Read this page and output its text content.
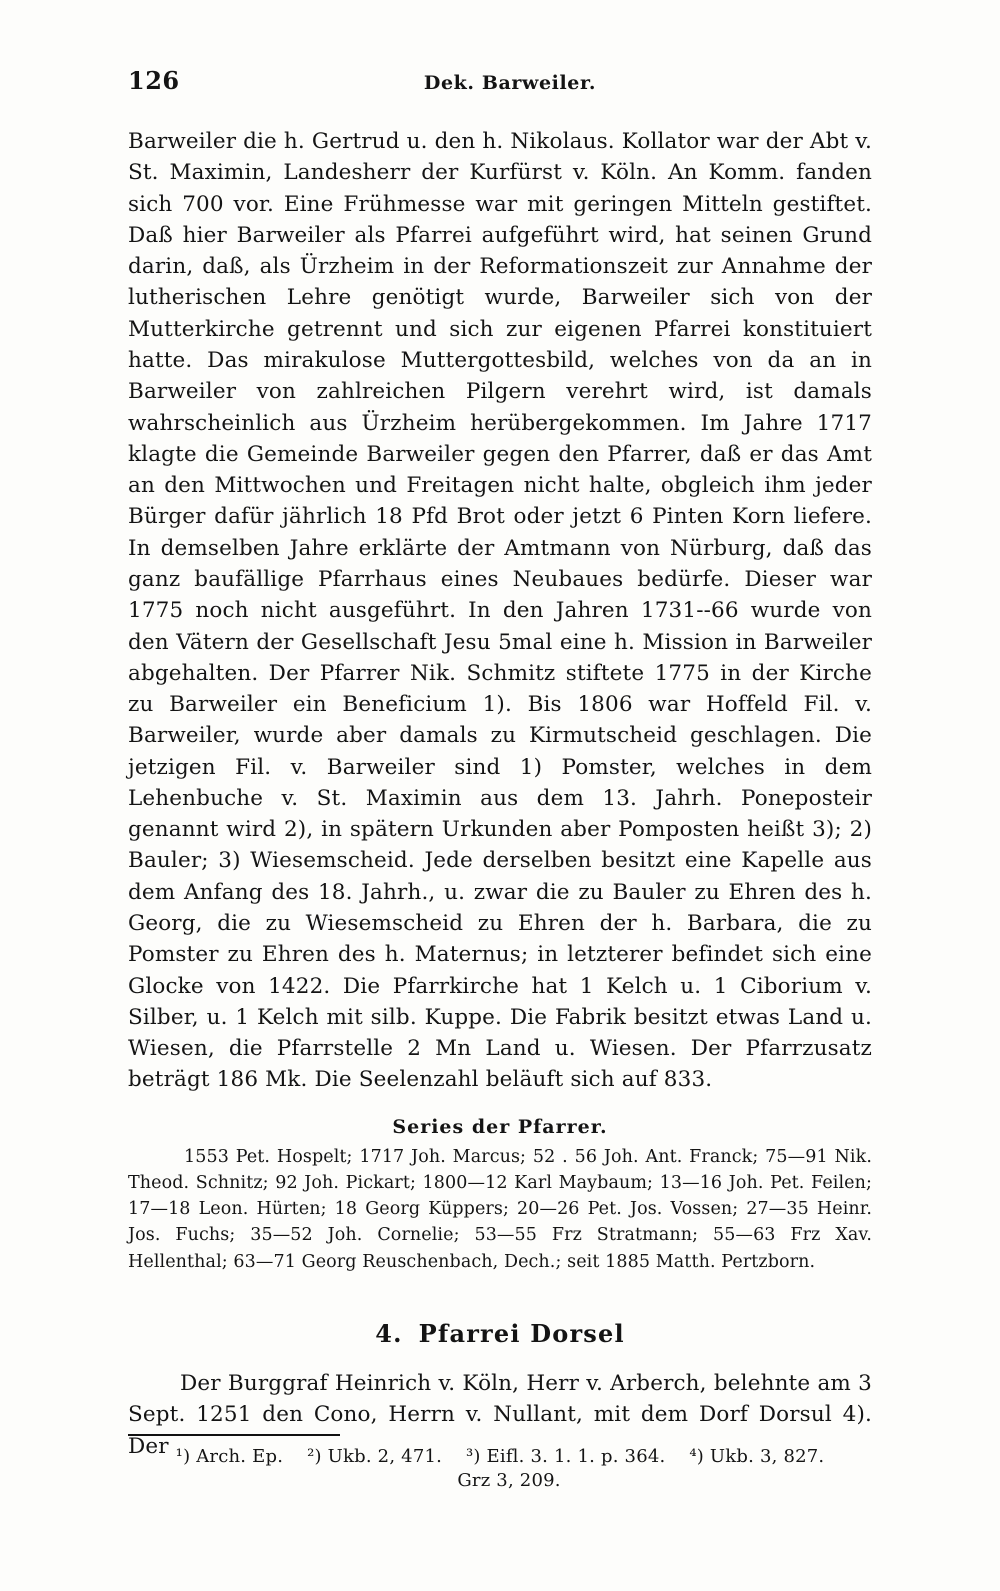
126	Dek. Barweiler.

Barweiler die h. Gertrud u. den h. Nikolaus. Kollator war der Abt v. St. Maximin, Landesherr der Kurfürst v. Köln. An Komm. fanden sich 700 vor. Eine Frühmesse war mit geringen Mitteln gestiftet. Daß hier Barweiler als Pfarrei aufgeführt wird, hat seinen Grund darin, daß, als Ürzheim in der Reformationszeit zur Annahme der lutherischen Lehre genötigt wurde, Barweiler sich von der Mutterkirche getrennt und sich zur eigenen Pfarrei konstituiert hatte. Das mirakulose Muttergottesbild, welches von da an in Barweiler von zahlreichen Pilgern verehrt wird, ist damals wahrscheinlich aus Ürzheim herübergekommen. Im Jahre 1717 klagte die Gemeinde Barweiler gegen den Pfarrer, daß er das Amt an den Mittwochen und Freitagen nicht halte, obgleich ihm jeder Bürger dafür jährlich 18 Pfd Brot oder jetzt 6 Pinten Korn liefere. In demselben Jahre erklärte der Amtmann von Nürburg, daß das ganz baufällige Pfarrhaus eines Neubaues bedürfe. Dieser war 1775 noch nicht ausgeführt. In den Jahren 1731--66 wurde von den Vätern der Gesellschaft Jesu 5mal eine h. Mission in Barweiler abgehalten. Der Pfarrer Nik. Schmitz stiftete 1775 in der Kirche zu Barweiler ein Beneficium 1). Bis 1806 war Hoffeld Fil. v. Barweiler, wurde aber damals zu Kirmutscheid geschlagen. Die jetzigen Fil. v. Barweiler sind 1) Pomster, welches in dem Lehenbuche v. St. Maximin aus dem 13. Jahrh. Poneposteir genannt wird 2), in spätern Urkunden aber Pomposten heißt 3); 2) Bauler; 3) Wiesemscheid. Jede derselben besitzt eine Kapelle aus dem Anfang des 18. Jahrh., u. zwar die zu Bauler zu Ehren des h. Georg, die zu Wiesemscheid zu Ehren der h. Barbara, die zu Pomster zu Ehren des h. Maternus; in letzterer befindet sich eine Glocke von 1422. Die Pfarrkirche hat 1 Kelch u. 1 Ciborium v. Silber, u. 1 Kelch mit silb. Kuppe. Die Fabrik besitzt etwas Land u. Wiesen, die Pfarrstelle 2 Mn Land u. Wiesen. Der Pfarrzusatz beträgt 186 Mk. Die Seelenzahl beläuft sich auf 833.

Series der Pfarrer.

1553 Pet. Hospelt; 1717 Joh. Marcus; 52 . 56 Joh. Ant. Franck; 75—91 Nik. Theod. Schnitz; 92 Joh. Pickart; 1800—12 Karl Maybaum; 13—16 Joh. Pet. Feilen; 17—18 Leon. Hürten; 18 Georg Küppers; 20—26 Pet. Jos. Vossen; 27—35 Heinr. Jos. Fuchs; 35—52 Joh. Cornelie; 53—55 Frz Stratmann; 55—63 Frz Xav. Hellenthal; 63—71 Georg Reuschenbach, Dech.; seit 1885 Matth. Pertzborn.

4. Pfarrei Dorsel

Der Burggraf Heinrich v. Köln, Herr v. Arberch, belehnte am 3 Sept. 1251 den Cono, Herrn v. Nullant, mit dem Dorf Dorsul 4). Der ¹) Arch. Ep. ²) Ukb. 2, 471. ³) Eifl. 3. 1. 1. p. 364. ⁴) Ukb. 3, 827. Grz 3, 209.
